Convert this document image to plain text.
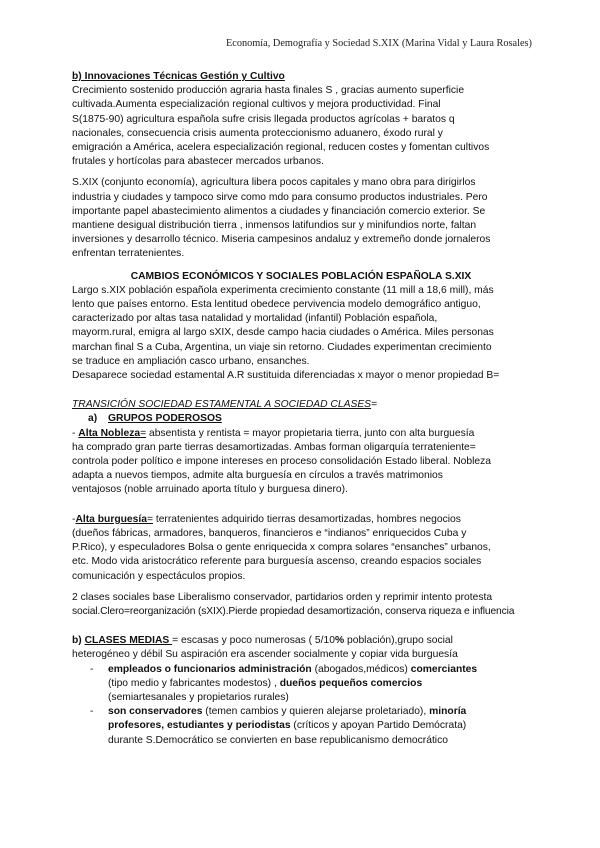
Economía, Demografía y Sociedad S.XIX (Marina Vidal y Laura Rosales)

b) Innovaciones Técnicas Gestión y Cultivo

Crecimiento sostenido producción agraria hasta finales S , gracias aumento superficie

cultivada.Aumenta especialización regional cultivos y mejora productividad. Final

S(1875-90) agricultura española sufre crisis llegada productos agrícolas + baratos q

nacionales, consecuencia crisis aumenta proteccionismo aduanero, éxodo rural y

emigración a América, acelera especialización regional, reducen costes y fomentan cultivos

frutales y hortícolas para abastecer mercados urbanos.

S.XIX (conjunto economía), agricultura libera pocos capitales y mano obra para dirigirlos

industria y ciudades y tampoco sirve como mdo para consumo productos industriales. Pero

importante papel abastecimiento alimentos a ciudades y financiación comercio exterior. Se

mantiene desigual distribución tierra , inmensos latifundios sur y minifundios norte, faltan

inversiones y desarrollo técnico. Miseria campesinos andaluz y extremeño donde jornaleros

enfrentan terratenientes.

CAMBIOS ECONÓMICOS Y SOCIALES POBLACIÓN ESPAÑOLA S.XIX

Largo s.XIX población española experimenta crecimiento constante (11 mill a 18,6 mill), más

lento que países entorno. Esta lentitud obedece pervivencia modelo demográfico antiguo,

caracterizado por altas tasa natalidad y mortalidad (infantil) Población española,

mayorm.rural, emigra al largo sXIX, desde campo hacia ciudades o América. Miles personas

marchan final S a Cuba, Argentina, un viaje sin retorno. Ciudades experimentan crecimiento

se traduce en ampliación casco urbano, ensanches.

Desaparece sociedad estamental A.R sustituida diferenciadas x mayor o menor propiedad B=

TRANSICIÓN SOCIEDAD ESTAMENTAL A SOCIEDAD CLASES=

a) GRUPOS PODEROSOS

- Alta Nobleza= absentista y rentista = mayor propietaria tierra, junto con alta burguesía

ha comprado gran parte tierras desamortizadas. Ambas forman oligarquía terrateniente=

controla poder político e impone intereses en proceso consolidación Estado liberal. Nobleza

adapta a nuevos tiempos, admite alta burguesía en círculos a través matrimonios

ventajosos (noble arruinado aporta título y burguesa dinero).

-Alta burguesía= terratenientes adquirido tierras desamortizadas, hombres negocios

(dueños fábricas, armadores, banqueros, financieros e “indianos” enriquecidos Cuba y

P.Rico), y especuladores Bolsa o gente enriquecida x compra solares “ensanches” urbanos,

etc. Modo vida aristocrático referente para burguesía ascenso, creando espacios sociales

comunicación y espectáculos propios.

2 clases sociales base Liberalismo conservador, partidarios orden y reprimir intento protesta

social.Clero=reorganización (sXIX).Pierde propiedad desamortización, conserva riqueza e influencia

b) CLASES MEDIAS = escasas y poco numerosas ( 5/10% población),grupo social

heterogéneo y débil Su aspiración era ascender socialmente y copiar vida burguesía

- empleados o funcionarios administración (abogados,médicos) comerciantes
(tipo medio y fabricantes modestos) , dueños pequeños comercios
(semiartesanales y propietarios rurales)
- son conservadores (temen cambios y quieren alejarse proletariado), minoría
profesores, estudiantes y periodistas (críticos y apoyan Partido Demócrata)
durante S.Democrático se convierten en base republicanismo democrático
